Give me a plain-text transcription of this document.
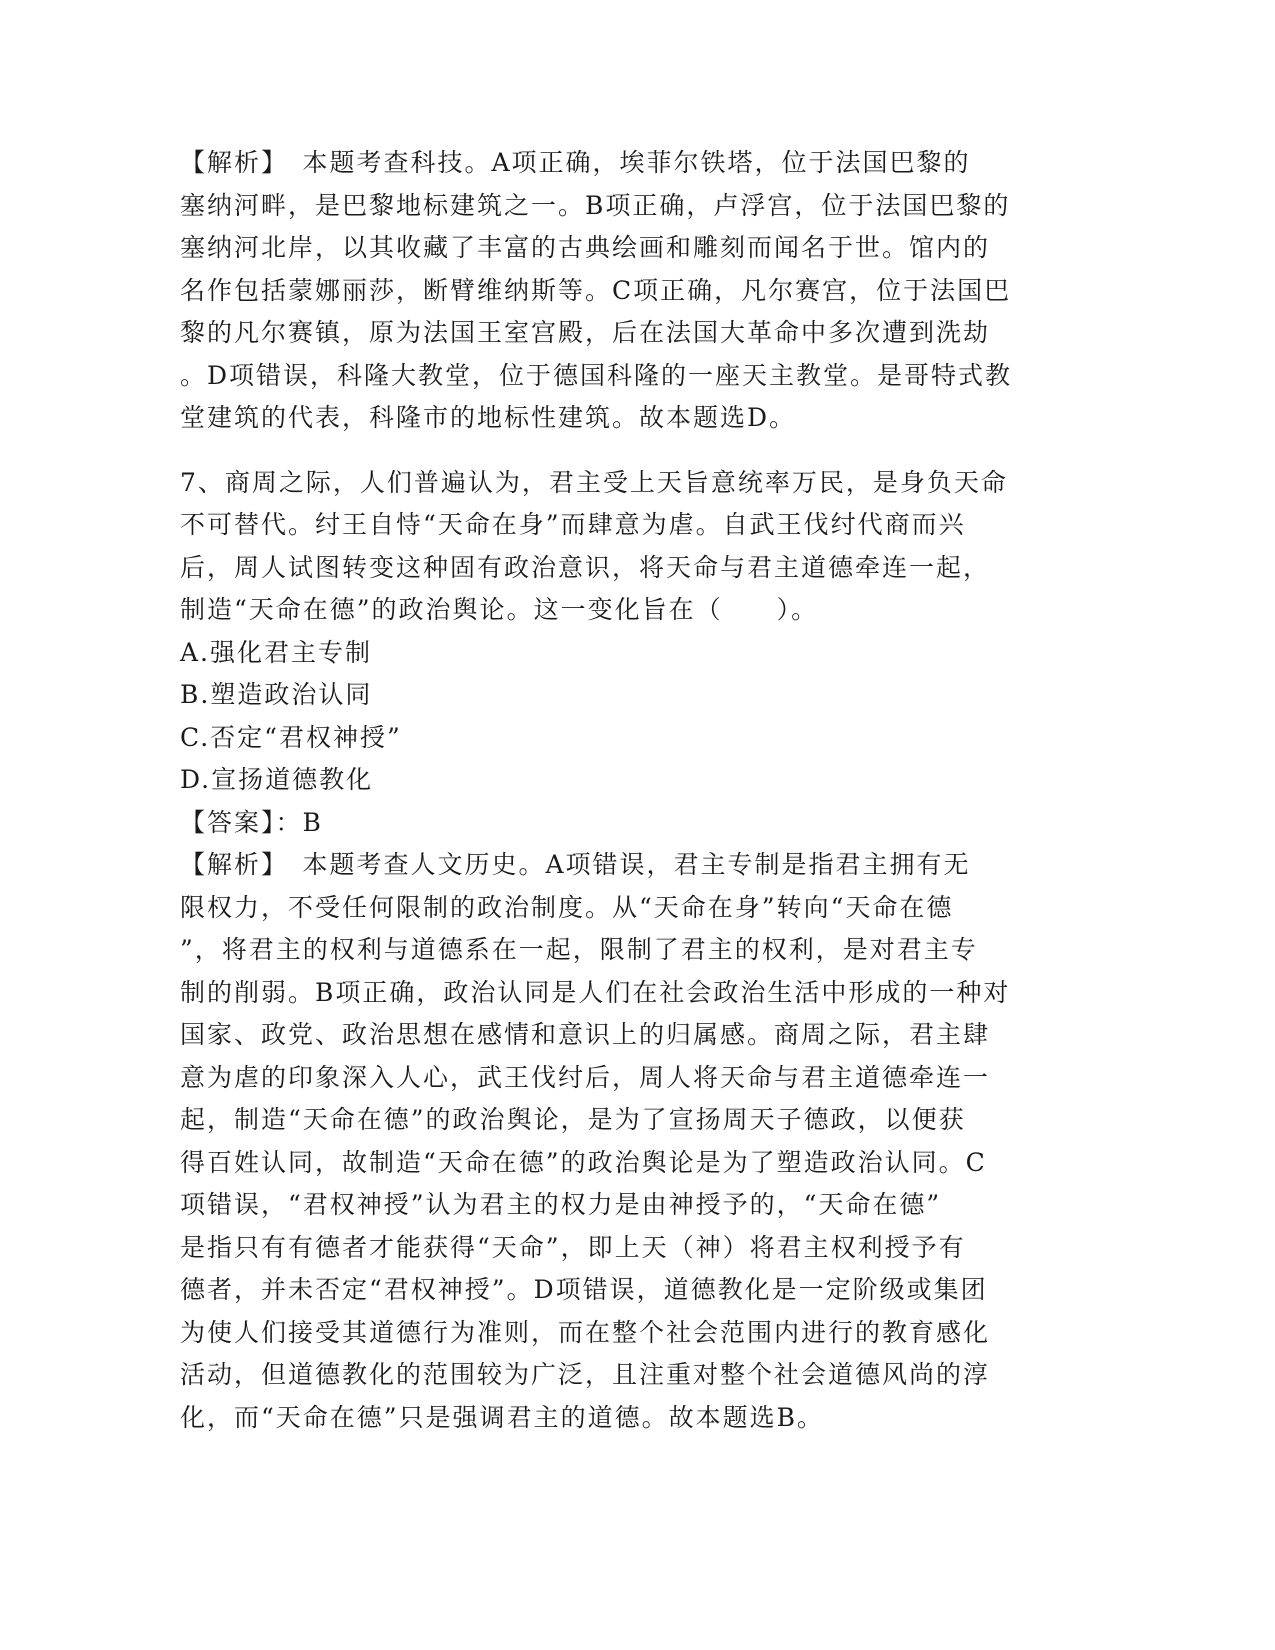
【解析】　本题考查科技。A项正确，埃菲尔铁塔，位于法国巴黎的
塞纳河畔，是巴黎地标建筑之一。B项正确，卢浮宫，位于法国巴黎的
塞纳河北岸，以其收藏了丰富的古典绘画和雕刻而闻名于世。馆内的
名作包括蒙娜丽莎，断臂维纳斯等。C项正确，凡尔赛宫，位于法国巴
黎的凡尔赛镇，原为法国王室宫殿，后在法国大革命中多次遭到洗劫
。D项错误，科隆大教堂，位于德国科隆的一座天主教堂。是哥特式教
堂建筑的代表，科隆市的地标性建筑。故本题选D。
7、商周之际，人们普遍认为，君主受上天旨意统率万民，是身负天命
不可替代。纣王自恃“天命在身”而肆意为虐。自武王伐纣代商而兴
后，周人试图转变这种固有政治意识，将天命与君主道德牵连一起，
制造“天命在德”的政治舆论。这一变化旨在（　　）。
A.强化君主专制
B.塑造政治认同
C.否定“君权神授”
D.宣扬道德教化
【答案】：B
【解析】　本题考查人文历史。A项错误，君主专制是指君主拥有无
限权力，不受任何限制的政治制度。从“天命在身”转向“天命在德
”，将君主的权利与道德系在一起，限制了君主的权利，是对君主专
制的削弱。B项正确，政治认同是人们在社会政治生活中形成的一种对
国家、政党、政治思想在感情和意识上的归属感。商周之际，君主肆
意为虐的印象深入人心，武王伐纣后，周人将天命与君主道德牵连一
起，制造“天命在德”的政治舆论，是为了宣扬周天子德政，以便获
得百姓认同，故制造“天命在德”的政治舆论是为了塑造政治认同。C
项错误，“君权神授”认为君主的权力是由神授予的，“天命在德”
是指只有有德者才能获得“天命”，即上天（神）将君主权利授予有
德者，并未否定“君权神授”。D项错误，道德教化是一定阶级或集团
为使人们接受其道德行为准则，而在整个社会范围内进行的教育感化
活动，但道德教化的范围较为广泛，且注重对整个社会道德风尚的淳
化，而“天命在德”只是强调君主的道德。故本题选B。
